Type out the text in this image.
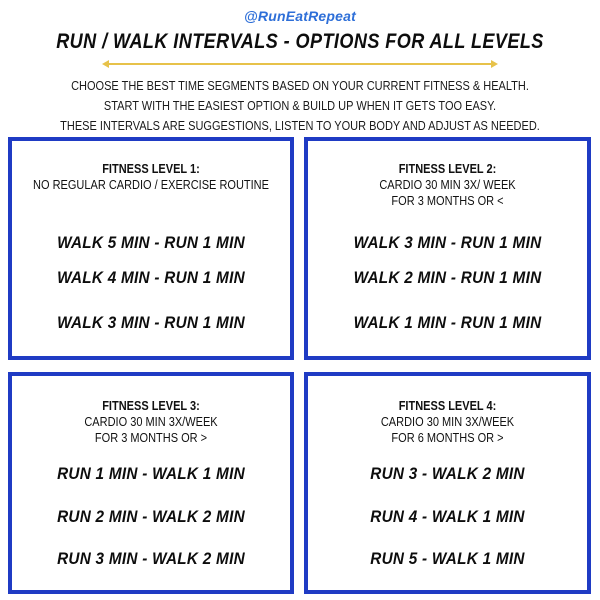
@RunEatRepeat
RUN / WALK INTERVALS - OPTIONS FOR ALL LEVELS
CHOOSE THE BEST TIME SEGMENTS BASED ON YOUR CURRENT FITNESS & HEALTH.
START WITH THE EASIEST OPTION & BUILD UP WHEN IT GETS TOO EASY.
THESE INTERVALS ARE SUGGESTIONS, LISTEN TO YOUR BODY AND ADJUST AS NEEDED.
FITNESS LEVEL 1:
NO REGULAR CARDIO / EXERCISE ROUTINE
WALK 5 MIN - RUN 1 MIN
WALK 4 MIN - RUN 1 MIN
WALK 3 MIN - RUN 1 MIN
FITNESS LEVEL 2:
CARDIO 30 MIN 3X/ WEEK
FOR 3 MONTHS OR <
WALK 3 MIN - RUN 1 MIN
WALK 2 MIN - RUN 1 MIN
WALK 1 MIN - RUN 1 MIN
FITNESS LEVEL 3:
CARDIO 30 MIN 3X/WEEK
FOR 3 MONTHS OR >
RUN 1 MIN - WALK 1 MIN
RUN 2 MIN - WALK 2 MIN
RUN 3 MIN - WALK 2 MIN
FITNESS LEVEL 4:
CARDIO 30 MIN 3X/WEEK
FOR 6 MONTHS OR >
RUN 3 - WALK 2 MIN
RUN 4 - WALK 1 MIN
RUN 5 - WALK 1 MIN
